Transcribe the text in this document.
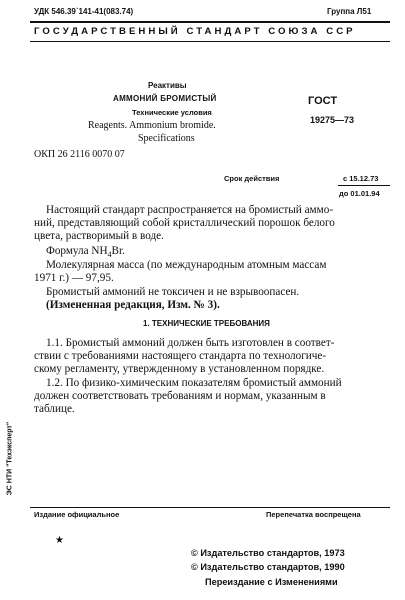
УДК 546.39`141-41(083.74)	Группа Л51
ГОСУДАРСТВЕННЫЙ СТАНДАРТ СОЮЗА ССР
Реактивы
АММОНИЙ БРОМИСТЫЙ
Технические условия
ГОСТ
19275—73
Reagents. Ammonium bromide.
Specifications
ОКП 26 2116 0070 07
Срок действия	с 15.12.73
до 01.01.94
Настоящий стандарт распространяется на бромистый аммо-
ний, представляющий собой кристаллический порошок белого
цвета, растворимый в воде.
Формула $NH_4Br$.
Молекулярная масса (по международным атомным массам
1971 г.) — 97,95.
Бромистый аммоний не токсичен и не взрывоопасен.
(Измененная редакция, Изм. № 3).
1. ТЕХНИЧЕСКИЕ ТРЕБОВАНИЯ
1.1. Бромистый аммоний должен быть изготовлен в соответ-
ствии с требованиями настоящего стандарта по технологиче-
скому регламенту, утвержденному в установленном порядке.
1.2. По физико-химическим показателям бромистый аммоний
должен соответствовать требованиям и нормам, указанным в
таблице.
ЭС НТИ "Техэксперт"
Издание официальное	Перепечатка воспрещена
★
© Издательство стандартов, 1973
© Издательство стандартов, 1990
Переиздание с Изменениями
